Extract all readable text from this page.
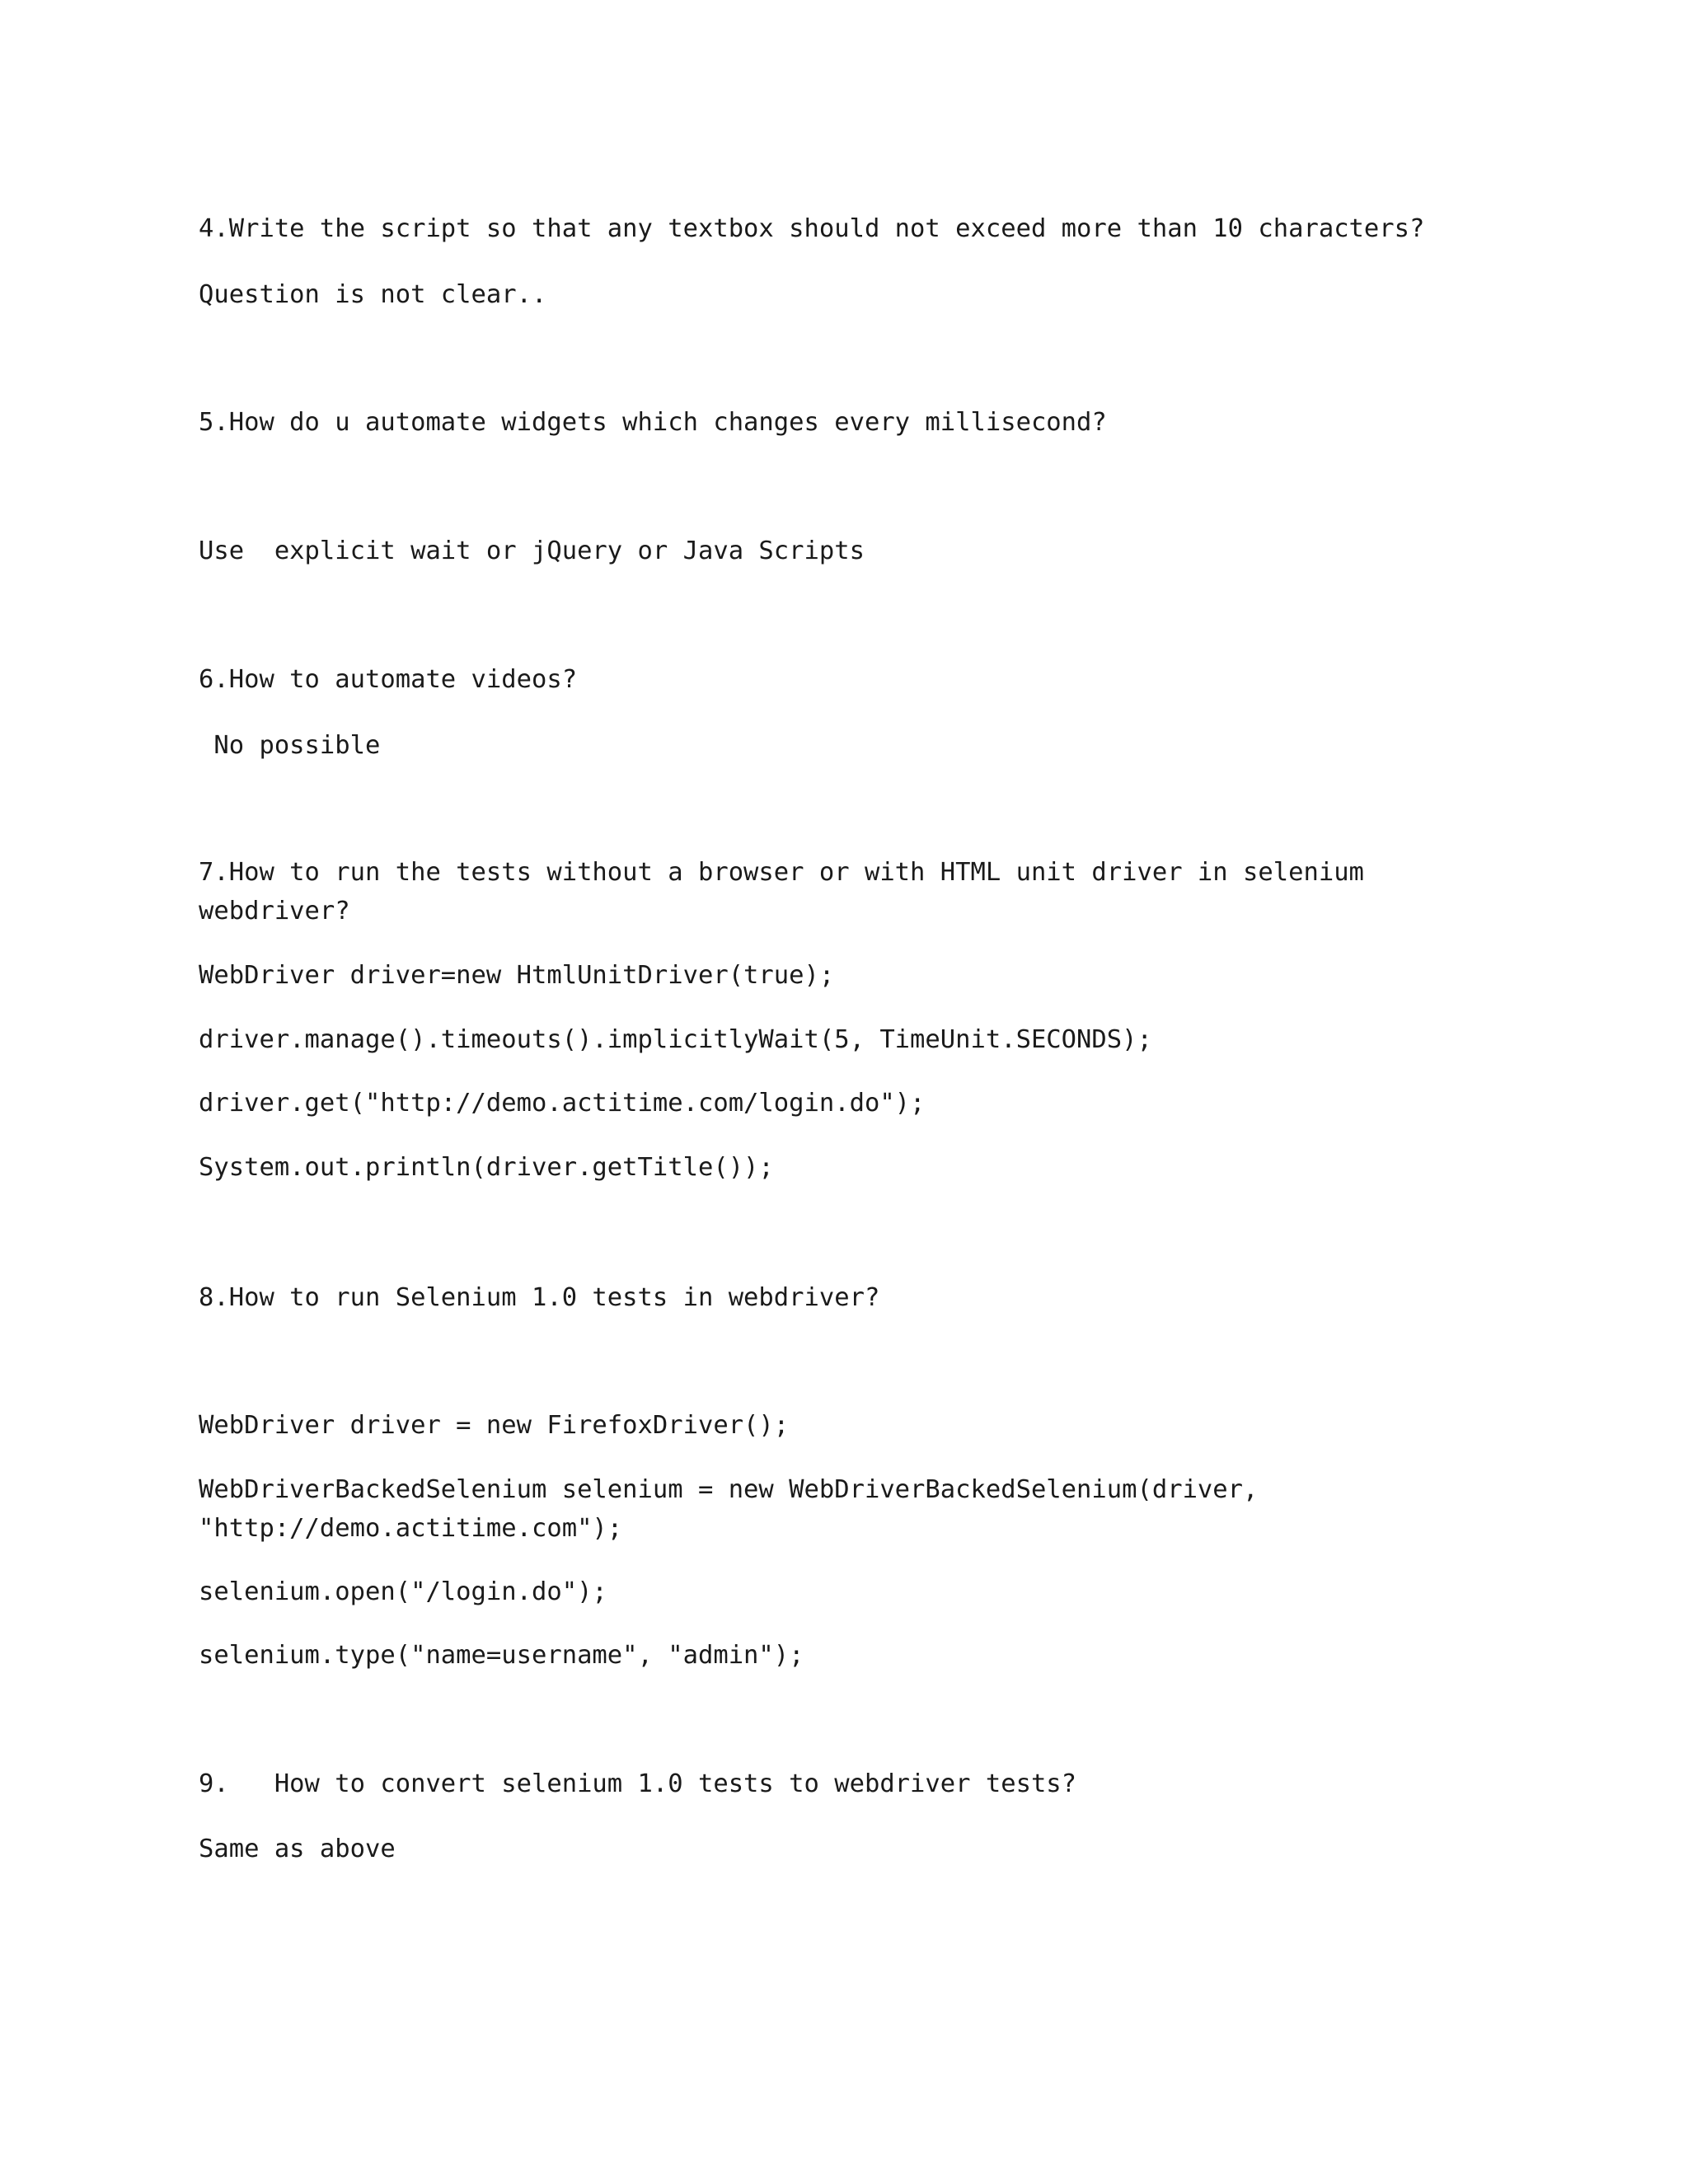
4.Write the script so that any textbox should not exceed more than 10 characters?

Question is not clear..

5.How do u automate widgets which changes every millisecond?

Use  explicit wait or jQuery or Java Scripts

6.How to automate videos?

No possible

7.How to run the tests without a browser or with HTML unit driver in selenium

webdriver?

WebDriver driver=new HtmlUnitDriver(true);

driver.manage().timeouts().implicitlyWait(5, TimeUnit.SECONDS);

driver.get("http://demo.actitime.com/login.do");

System.out.println(driver.getTitle());

8.How to run Selenium 1.0 tests in webdriver?

WebDriver driver = new FirefoxDriver();

WebDriverBackedSelenium selenium = new WebDriverBackedSelenium(driver,

"http://demo.actitime.com");

selenium.open("/login.do");

selenium.type("name=username", "admin");

9.   How to convert selenium 1.0 tests to webdriver tests?

Same as above
